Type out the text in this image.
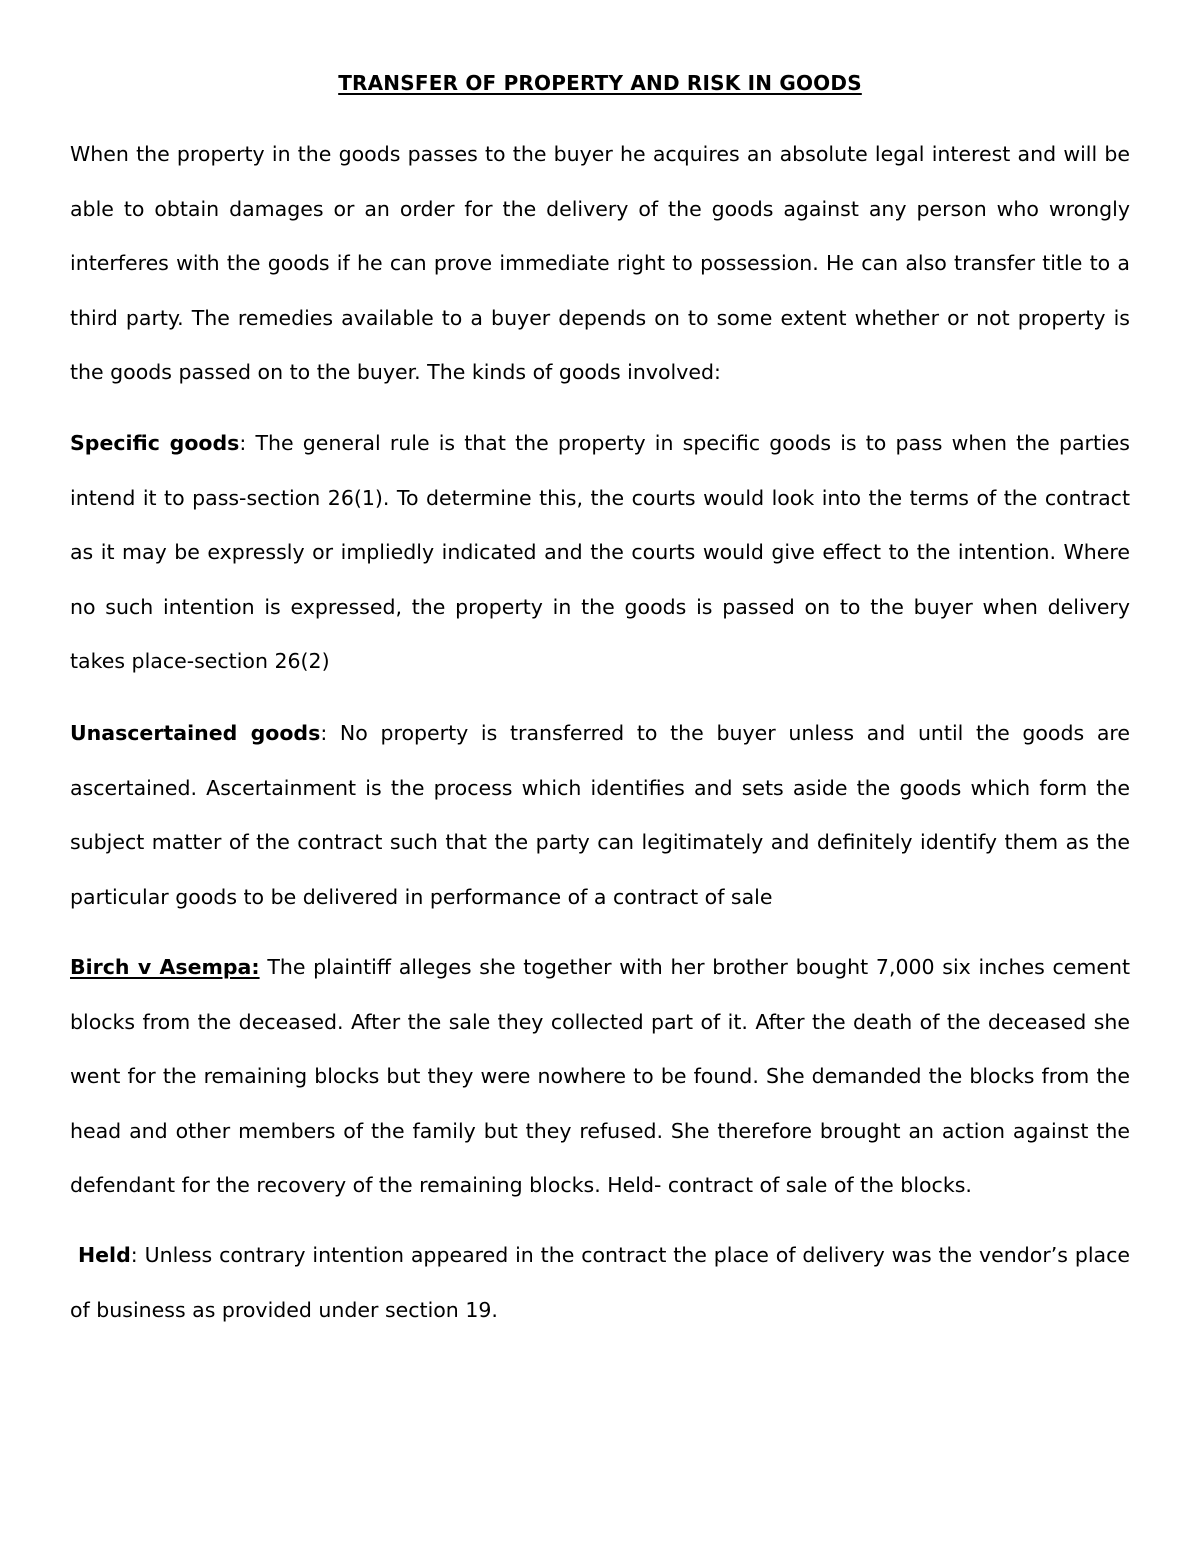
TRANSFER OF PROPERTY AND RISK IN GOODS

When the property in the goods passes to the buyer he acquires an absolute legal interest and will be able to obtain damages or an order for the delivery of the goods against any person who wrongly interferes with the goods if he can prove immediate right to possession. He can also transfer title to a third party. The remedies available to a buyer depends on to some extent whether or not property is the goods passed on to the buyer. The kinds of goods involved:

Specific goods: The general rule is that the property in specific goods is to pass when the parties intend it to pass-section 26(1). To determine this, the courts would look into the terms of the contract as it may be expressly or impliedly indicated and the courts would give effect to the intention. Where no such intention is expressed, the property in the goods is passed on to the buyer when delivery takes place-section 26(2)

Unascertained goods: No property is transferred to the buyer unless and until the goods are ascertained. Ascertainment is the process which identifies and sets aside the goods which form the subject matter of the contract such that the party can legitimately and definitely identify them as the particular goods to be delivered in performance of a contract of sale

Birch v Asempa: The plaintiff alleges she together with her brother bought 7,000 six inches cement blocks from the deceased. After the sale they collected part of it. After the death of the deceased she went for the remaining blocks but they were nowhere to be found. She demanded the blocks from the head and other members of the family but they refused. She therefore brought an action against the defendant for the recovery of the remaining blocks. Held- contract of sale of the blocks.

Held: Unless contrary intention appeared in the contract the place of delivery was the vendor’s place of business as provided under section 19.
